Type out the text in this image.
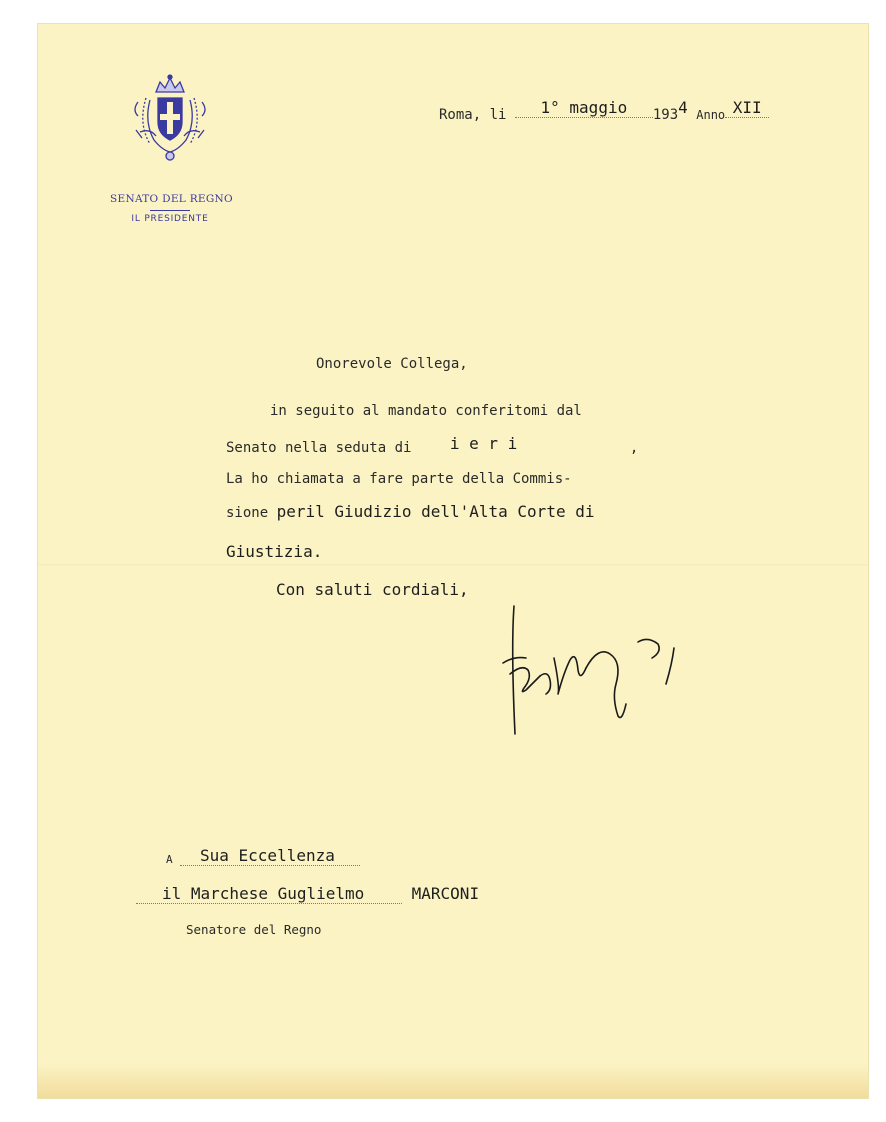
SENATO DEL REGNO
IL PRESIDENTE
Roma, li 1° maggio 1934 Anno XII
Onorevole Collega,
in seguito al mandato conferitomi dal
Senato nella seduta di i e r i	,
La ho chiamata a fare parte della Commis-
sione peril Giudizio dell'Alta Corte di
Giustizia.
Con saluti cordiali,
A	Sua Eccellenza
il Marchese Guglielmo	MARCONI
Senatore del Regno
